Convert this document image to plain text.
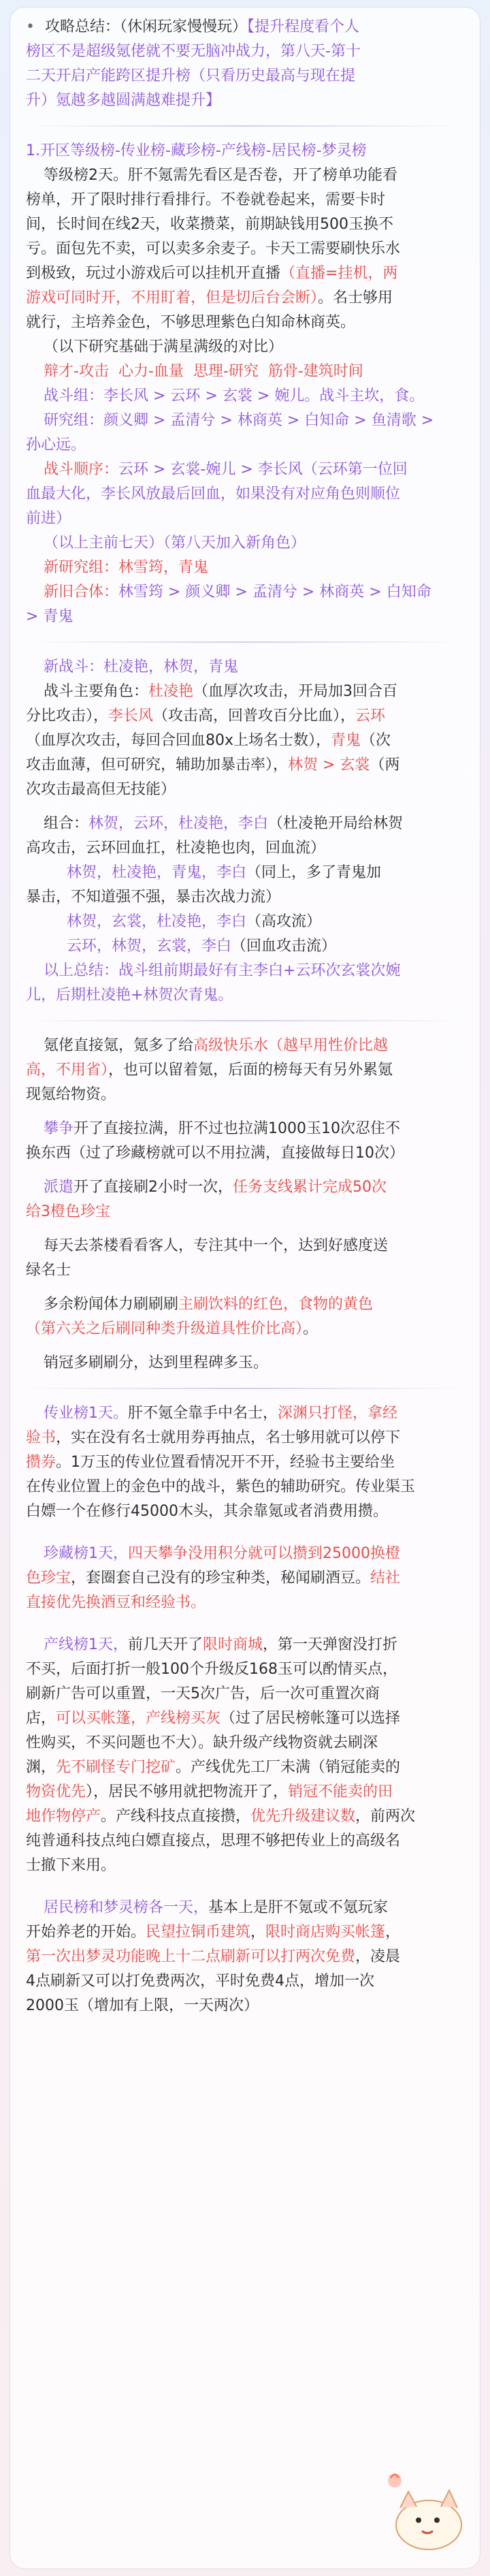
• 攻略总结：（休闲玩家慢慢玩）【提升程度看个人
榜区不是超级氪佬就不要无脑冲战力，第八天-第十
二天开启产能跨区提升榜（只看历史最高与现在提
升）氪越多越圆满越难提升】
1.开区等级榜-传业榜-藏珍榜-产线榜-居民榜-梦灵榜
等级榜2天。肝不氪需先看区是否卷，开了榜单功能看
榜单，开了限时排行看排行。不卷就卷起来，需要卡时
间，长时间在线2天，收菜攒菜，前期缺钱用500玉换不
亏。面包先不卖，可以卖多余麦子。卡天工需要刷快乐水
到极致，玩过小游戏后可以挂机开直播（直播=挂机，两
游戏可同时开，不用盯着，但是切后台会断）。名士够用
就行，主培养金色，不够思理紫色白知命林商英。
（以下研究基础于满星满级的对比）
辩才-攻击 心力-血量 思理-研究 筋骨-建筑时间
战斗组：李长风 > 云环 > 玄裳 > 婉儿。战斗主坎，食。
研究组：颜义卿 > 孟清兮 > 林商英 > 白知命 > 鱼清歌 >
孙心远。
战斗顺序：云环 > 玄裳-婉儿 > 李长风（云环第一位回
血最大化，李长风放最后回血，如果没有对应角色则顺位
前进）
（以上主前七天）（第八天加入新角色）
新研究组：林雪筠，青鬼
新旧合体：林雪筠 > 颜义卿 > 孟清兮 > 林商英 > 白知命
> 青鬼
新战斗：杜凌艳，林贺，青鬼
战斗主要角色：杜凌艳（血厚次攻击，开局加3回合百
分比攻击），李长风（攻击高，回普攻百分比血），云环
（血厚次攻击，每回合回血80x上场名士数），青鬼（次
攻击血薄，但可研究，辅助加暴击率），林贺 > 玄裳（两
次攻击最高但无技能）
组合：林贺，云环，杜凌艳，李白（杜凌艳开局给林贺
高攻击，云环回血扛，杜凌艳也肉，回血流）
林贺，杜凌艳，青鬼，李白（同上，多了青鬼加
暴击，不知道强不强，暴击次战力流）
林贺，玄裳，杜凌艳，李白（高攻流）
云环，林贺，玄裳，李白（回血攻击流）
以上总结：战斗组前期最好有主李白+云环次玄裳次婉
儿，后期杜凌艳+林贺次青鬼。
氪佬直接氪，氪多了给高级快乐水（越早用性价比越
高，不用省），也可以留着氪，后面的榜每天有另外累氪
现氪给物资。
攀争开了直接拉满，肝不过也拉满1000玉10次忍住不
换东西（过了珍藏榜就可以不用拉满，直接做每日10次）
派遣开了直接刷2小时一次，任务支线累计完成50次
给3橙色珍宝
每天去茶楼看看客人，专注其中一个，达到好感度送
绿名士
多余粉闻体力刷刷刷主刷饮料的红色，食物的黄色
（第六关之后刷同种类升级道具性价比高）。
销冠多刷刷分，达到里程碑多玉。
传业榜1天。肝不氪全靠手中名士，深渊只打怪，拿经
验书，实在没有名士就用券再抽点，名士够用就可以停下
攒券。1万玉的传业位置看情况开不开，经验书主要给坐
在传业位置上的金色中的战斗，紫色的辅助研究。传业渠玉
白嫖一个在修行45000木头，其余靠氪或者消费用攒。
珍藏榜1天，四天攀争没用积分就可以攒到25000换橙
色珍宝，套圈套自己没有的珍宝种类，秘闻刷酒豆。结社
直接优先换酒豆和经验书。
产线榜1天，前几天开了限时商城，第一天弹窗没打折
不买，后面打折一般100个升级反168玉可以酌情买点，
刷新广告可以重置，一天5次广告，后一次可重置次商
店，可以买帐篷，产线榜买灰（过了居民榜帐篷可以选择
性购买，不买问题也不大）。缺升级产线物资就去刷深
渊，先不刷怪专门挖矿。产线优先工厂未满（销冠能卖的
物资优先），居民不够用就把物流开了，销冠不能卖的田
地作物停产。产线科技点直接攒，优先升级建议数，前两次
纯普通科技点纯白嫖直接点，思理不够把传业上的高级名
士撤下来用。
居民榜和梦灵榜各一天，基本上是肝不氪或不氪玩家
开始养老的开始。民望拉铜币建筑，限时商店购买帐篷，
第一次出梦灵功能晚上十二点刷新可以打两次免费，凌晨
4点刷新又可以打免费两次，平时免费4点，增加一次
2000玉（增加有上限，一天两次）
